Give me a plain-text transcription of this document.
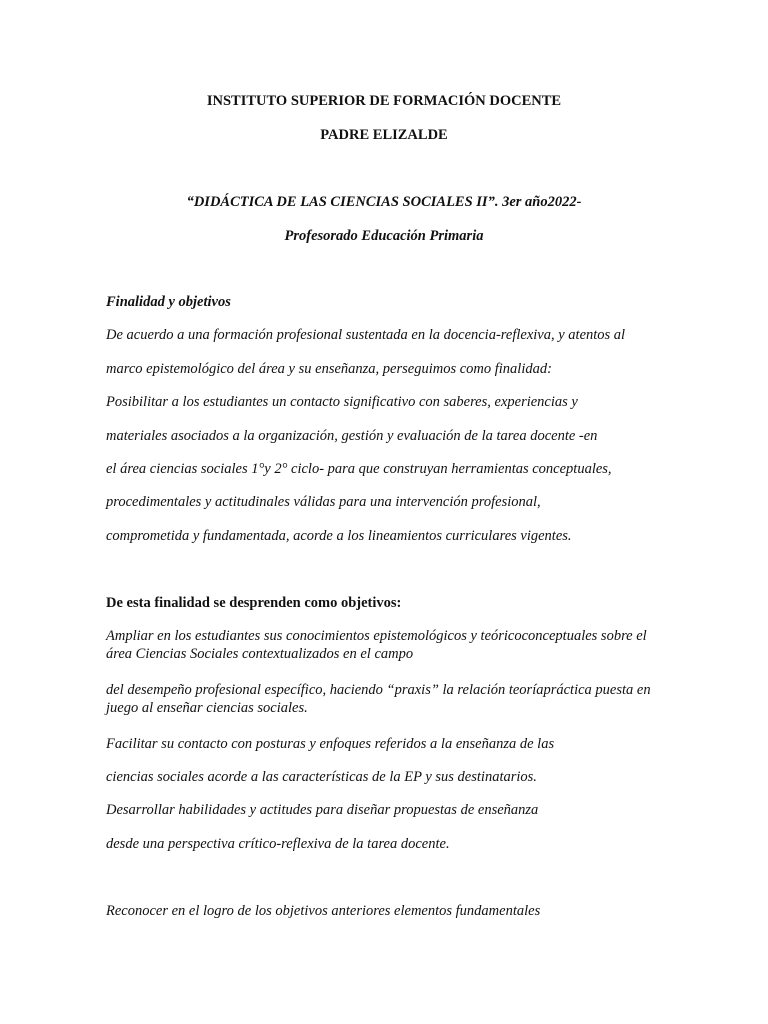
INSTITUTO SUPERIOR DE FORMACIÓN DOCENTE
PADRE ELIZALDE
“DIDÁCTICA DE LAS CIENCIAS SOCIALES II”. 3er año2022-
Profesorado Educación Primaria
Finalidad y objetivos
De acuerdo a una formación profesional sustentada en la docencia-reflexiva, y atentos al
marco epistemológico del área y su enseñanza, perseguimos como finalidad:
Posibilitar a los estudiantes un contacto significativo con saberes, experiencias y
materiales asociados a la organización, gestión y evaluación de la tarea docente -en
el área ciencias sociales 1°y 2° ciclo- para que construyan herramientas conceptuales,
procedimentales y actitudinales válidas para una intervención profesional,
comprometida y fundamentada, acorde a los lineamientos curriculares vigentes.
De esta finalidad se desprenden como objetivos:
Ampliar en los estudiantes sus conocimientos epistemológicos y teóricoconceptuales sobre el área Ciencias Sociales contextualizados en el campo
del desempeño profesional específico, haciendo “praxis” la relación teoríapráctica puesta en juego al enseñar ciencias sociales.
Facilitar su contacto con posturas y enfoques referidos a la enseñanza de las
ciencias sociales acorde a las características de la EP y sus destinatarios.
Desarrollar habilidades y actitudes para diseñar propuestas de enseñanza
desde una perspectiva crítico-reflexiva de la tarea docente.
Reconocer en el logro de los objetivos anteriores elementos fundamentales
